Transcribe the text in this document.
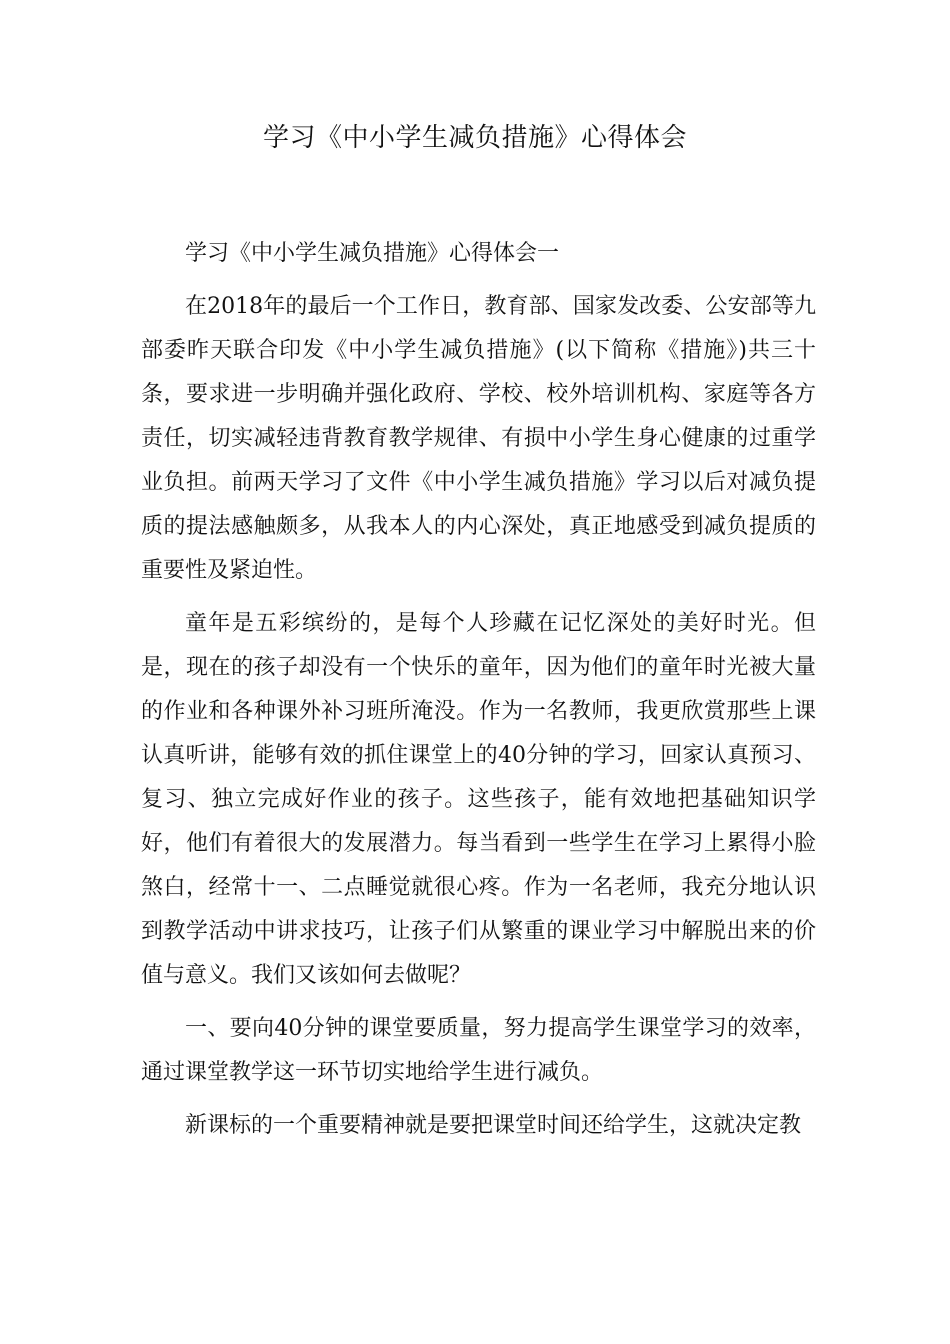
学习《中小学生减负措施》心得体会

学习《中小学生减负措施》心得体会一

在2018年的最后一个工作日，教育部、国家发改委、公安部等九部委昨天联合印发《中小学生减负措施》(以下简称《措施》)共三十条，要求进一步明确并强化政府、学校、校外培训机构、家庭等各方责任，切实减轻违背教育教学规律、有损中小学生身心健康的过重学业负担。前两天学习了文件《中小学生减负措施》学习以后对减负提质的提法感触颇多，从我本人的内心深处，真正地感受到减负提质的重要性及紧迫性。

童年是五彩缤纷的，是每个人珍藏在记忆深处的美好时光。但是，现在的孩子却没有一个快乐的童年，因为他们的童年时光被大量的作业和各种课外补习班所淹没。作为一名教师，我更欣赏那些上课认真听讲，能够有效的抓住课堂上的40分钟的学习，回家认真预习、复习、独立完成好作业的孩子。这些孩子，能有效地把基础知识学好，他们有着很大的发展潜力。每当看到一些学生在学习上累得小脸煞白，经常十一、二点睡觉就很心疼。作为一名老师，我充分地认识到教学活动中讲求技巧，让孩子们从繁重的课业学习中解脱出来的价值与意义。我们又该如何去做呢？

一、要向40分钟的课堂要质量，努力提高学生课堂学习的效率，通过课堂教学这一环节切实地给学生进行减负。

新课标的一个重要精神就是要把课堂时间还给学生，这就决定教
